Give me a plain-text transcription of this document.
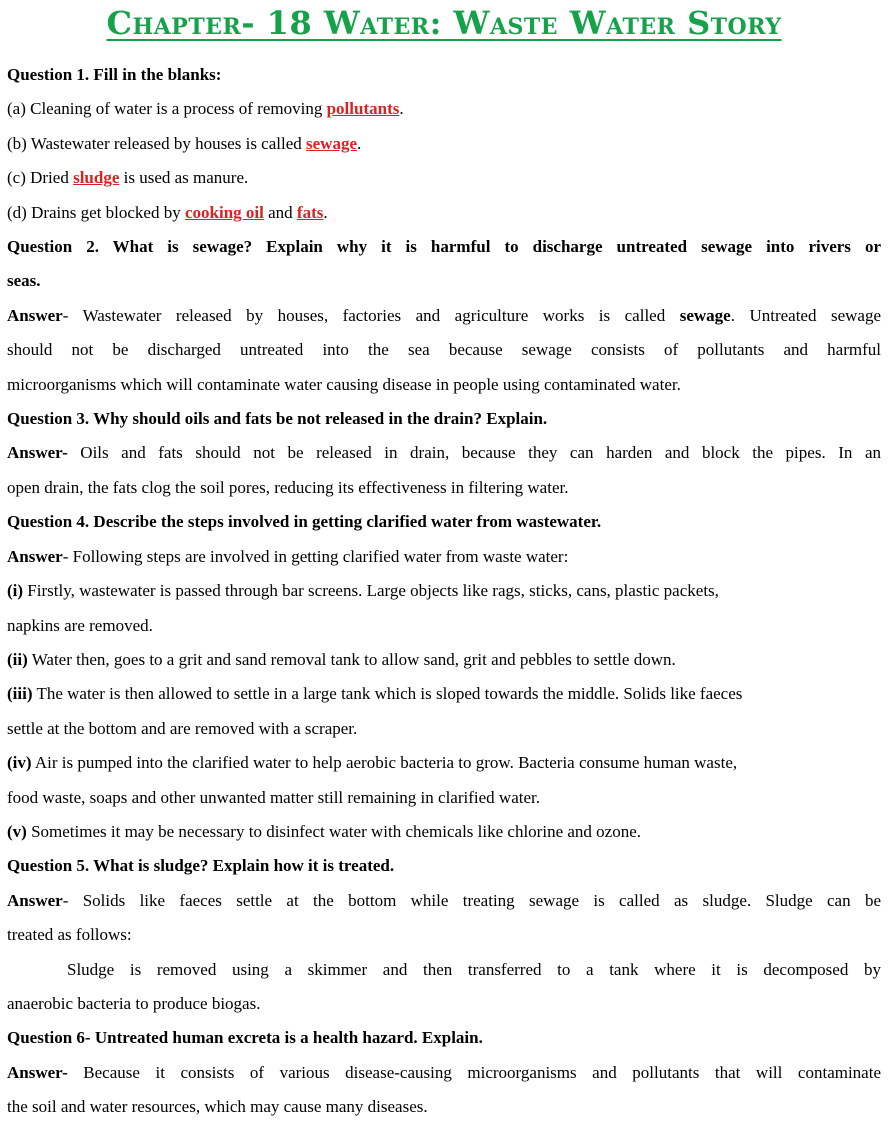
Chapter- 18 Water: Waste Water Story

Question 1. Fill in the blanks:

(a) Cleaning of water is a process of removing pollutants.

(b) Wastewater released by houses is called sewage.

(c) Dried sludge is used as manure.

(d) Drains get blocked by cooking oil and fats.

Question 2. What is sewage? Explain why it is harmful to discharge untreated sewage into rivers or

seas.

Answer- Wastewater released by houses, factories and agriculture works is called sewage. Untreated sewage

should not be discharged untreated into the sea because sewage consists of pollutants and harmful

microorganisms which will contaminate water causing disease in people using contaminated water.

Question 3. Why should oils and fats be not released in the drain? Explain.

Answer- Oils and fats should not be released in drain, because they can harden and block the pipes. In an

open drain, the fats clog the soil pores, reducing its effectiveness in filtering water.

Question 4. Describe the steps involved in getting clarified water from wastewater.

Answer- Following steps are involved in getting clarified water from waste water:

(i) Firstly, wastewater is passed through bar screens. Large objects like rags, sticks, cans, plastic packets,

napkins are removed.

(ii) Water then, goes to a grit and sand removal tank to allow sand, grit and pebbles to settle down.

(iii) The water is then allowed to settle in a large tank which is sloped towards the middle. Solids like faeces

settle at the bottom and are removed with a scraper.

(iv) Air is pumped into the clarified water to help aerobic bacteria to grow. Bacteria consume human waste,

food waste, soaps and other unwanted matter still remaining in clarified water.

(v) Sometimes it may be necessary to disinfect water with chemicals like chlorine and ozone.

Question 5. What is sludge? Explain how it is treated.

Answer- Solids like faeces settle at the bottom while treating sewage is called as sludge. Sludge can be

treated as follows:

Sludge is removed using a skimmer and then transferred to a tank where it is decomposed by

anaerobic bacteria to produce biogas.

Question 6- Untreated human excreta is a health hazard. Explain.

Answer- Because it consists of various disease-causing microorganisms and pollutants that will contaminate

the soil and water resources, which may cause many diseases.
